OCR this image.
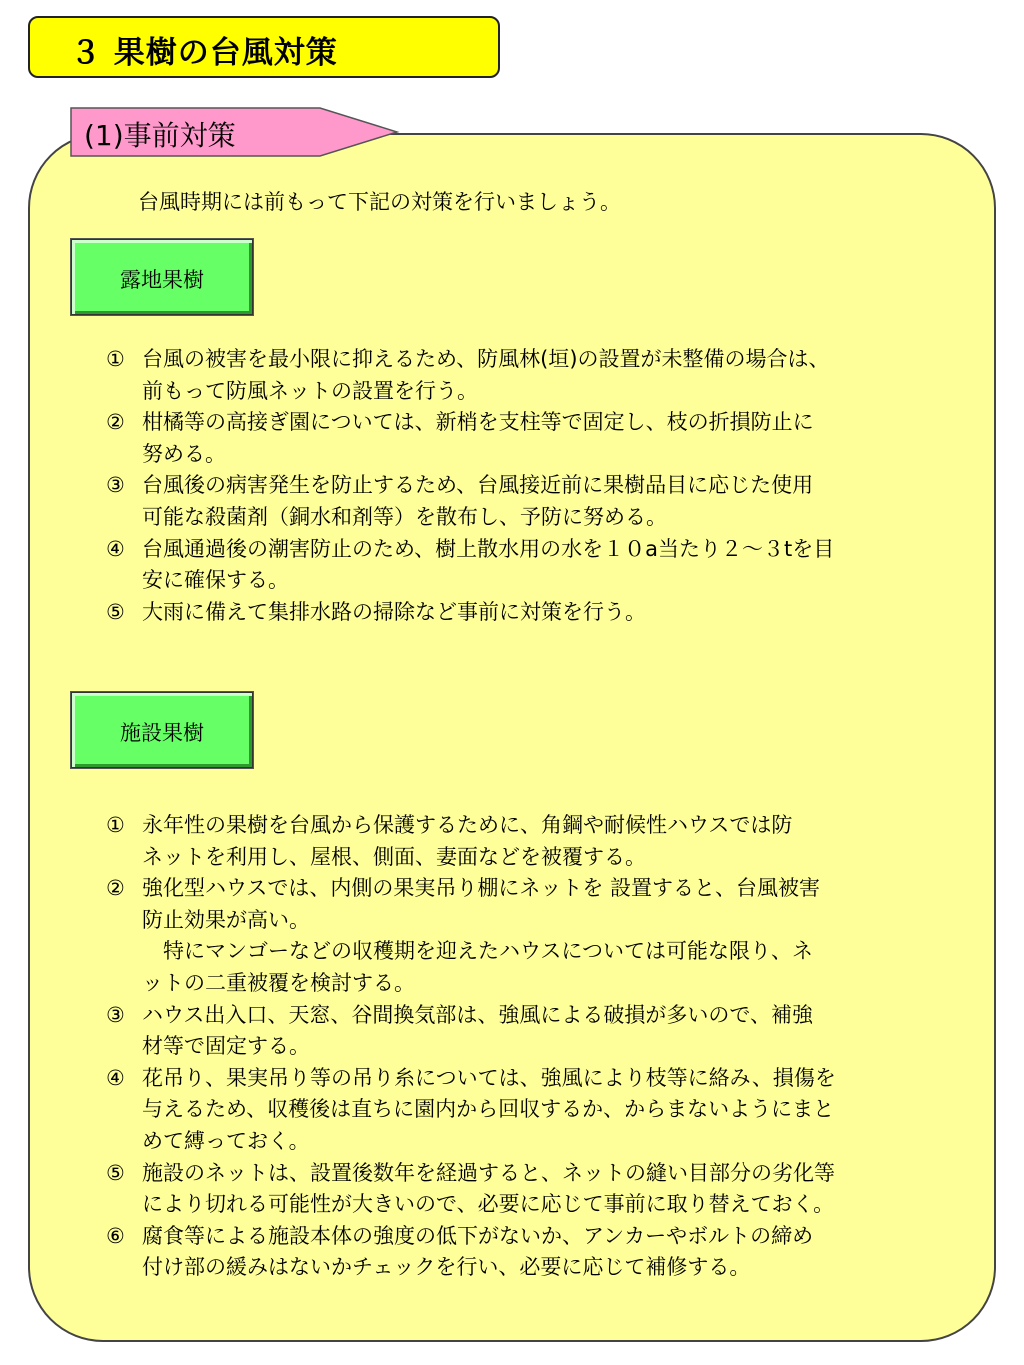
３ 果樹の台風対策
(1)事前対策
台風時期には前もって下記の対策を行いましょう。
露地果樹
① 台風の被害を最小限に抑えるため、防風林(垣)の設置が未整備の場合は、
前もって防風ネットの設置を行う。
② 柑橘等の高接ぎ園については、新梢を支柱等で固定し、枝の折損防止に
努める。
③ 台風後の病害発生を防止するため、台風接近前に果樹品目に応じた使用
可能な殺菌剤（銅水和剤等）を散布し、予防に努める。
④ 台風通過後の潮害防止のため、樹上散水用の水を１０a当たり２～３tを目
安に確保する。
⑤ 大雨に備えて集排水路の掃除など事前に対策を行う。
施設果樹
① 永年性の果樹を台風から保護するために、角鋼や耐候性ハウスでは防
ネットを利用し、屋根、側面、妻面などを被覆する。
② 強化型ハウスでは、内側の果実吊り棚にネットを 設置すると、台風被害
防止効果が高い。
　特にマンゴーなどの収穫期を迎えたハウスについては可能な限り、ネ
ットの二重被覆を検討する。
③ ハウス出入口、天窓、谷間換気部は、強風による破損が多いので、補強
材等で固定する。
④ 花吊り、果実吊り等の吊り糸については、強風により枝等に絡み、損傷を
与えるため、収穫後は直ちに園内から回収するか、からまないようにまと
めて縛っておく。
⑤ 施設のネットは、設置後数年を経過すると、ネットの縫い目部分の劣化等
により切れる可能性が大きいので、必要に応じて事前に取り替えておく。
⑥ 腐食等による施設本体の強度の低下がないか、アンカーやボルトの締め
付け部の緩みはないかチェックを行い、必要に応じて補修する。
